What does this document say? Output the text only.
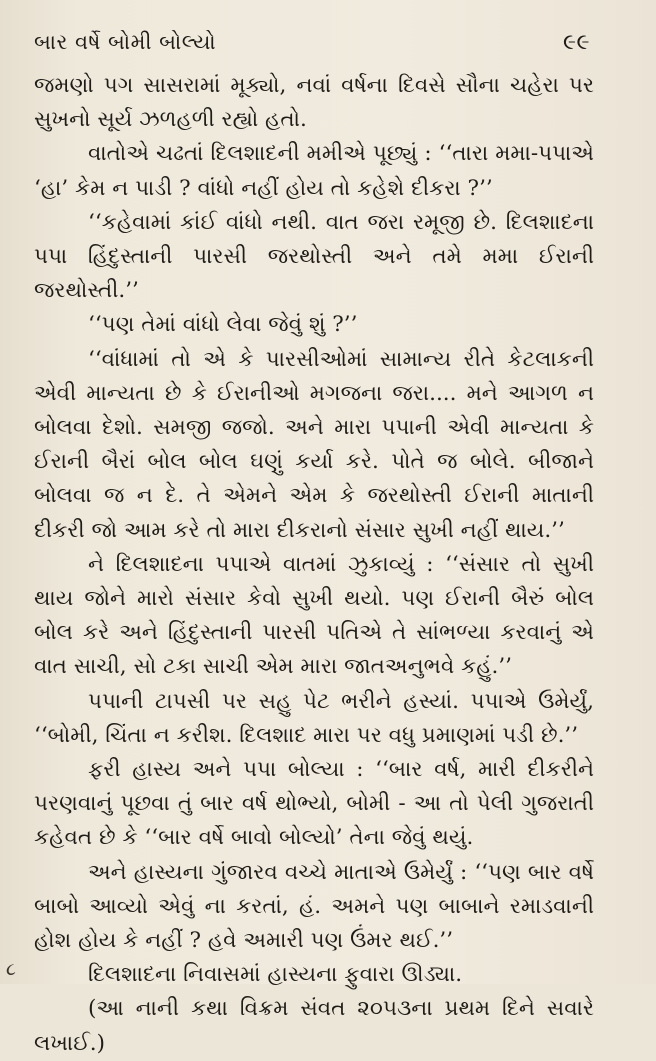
બાર વર્ષે બોમી બોલ્યો	૯૯

જમણો પગ સાસરામાં મૂક્યો, નવાં વર્ષના દિવસે સૌના ચહેરા પર સુખનો સૂર્ય ઝળહળી રહ્યો હતો.

વાતોએ ચઢતાં દિલશાદની મમીએ પૂછ્યું : ‘‘તારા મમા-પપાએ ‘હા’ કેમ ન પાડી ? વાંધો નહીં હોય તો કહેશે દીકરા ?’’

‘‘કહેવામાં કાંઈ વાંધો નથી. વાત જરા રમૂજી છે. દિલશાદના પપા હિંદુસ્તાની પારસી જરથોસ્તી અને તમે મમા ઈરાની જરથોસ્તી.’’

‘‘પણ તેમાં વાંધો લેવા જેવું શું ?’’

‘‘વાંધામાં તો એ કે પારસીઓમાં સામાન્ય રીતે કેટલાકની એવી માન્યતા છે કે ઈરાનીઓ મગજના જરા.... મને આગળ ન બોલવા દેશો. સમજી જજો. અને મારા પપાની એવી માન્યતા કે ઈરાની બૈરાં બોલ બોલ ઘણું કર્યા કરે. પોતે જ બોલે. બીજાને બોલવા જ ન દે. તે એમને એમ કે જરથોસ્તી ઈરાની માતાની દીકરી જો આમ કરે તો મારા દીકરાનો સંસાર સુખી નહીં થાય.’’

ને દિલશાદના પપાએ વાતમાં ઝુકાવ્યું : ‘‘સંસાર તો સુખી થાય જોને મારો સંસાર કેવો સુખી થયો. પણ ઈરાની બૈરું બોલ બોલ કરે અને હિંદુસ્તાની પારસી પતિએ તે સાંભળ્યા કરવાનું એ વાત સાચી, સો ટકા સાચી એમ મારા જાતઅનુભવે કહું.’’

પપાની ટાપસી પર સહુ પેટ ભરીને હસ્યાં. પપાએ ઉમેર્યું, ‘‘બોમી, ચિંતા ન કરીશ. દિલશાદ મારા પર વધુ પ્રમાણમાં પડી છે.’’

ફરી હાસ્ય અને પપા બોલ્યા : ‘‘બાર વર્ષ, મારી દીકરીને પરણવાનું પૂછવા તું બાર વર્ષ થોભ્યો, બોમી - આ તો પેલી ગુજરાતી કહેવત છે કે ‘‘બાર વર્ષે બાવો બોલ્યો’ તેના જેવું થયું.

અને હાસ્યના ગુંજારવ વચ્ચે માતાએ ઉમેર્યું : ‘‘પણ બાર વર્ષે બાબો આવ્યો એવું ના કરતાં, હં. અમને પણ બાબાને રમાડવાની હોશ હોય કે નહીં ? હવે અમારી પણ ઉંમર થઈ.’’

દિલશાદના નિવાસમાં હાસ્યના ફુવારા ઊડ્યા.

(આ નાની કથા વિક્રમ સંવત ૨૦૫૩ના પ્રથમ દિને સવારે લખાઈ.)

૮
